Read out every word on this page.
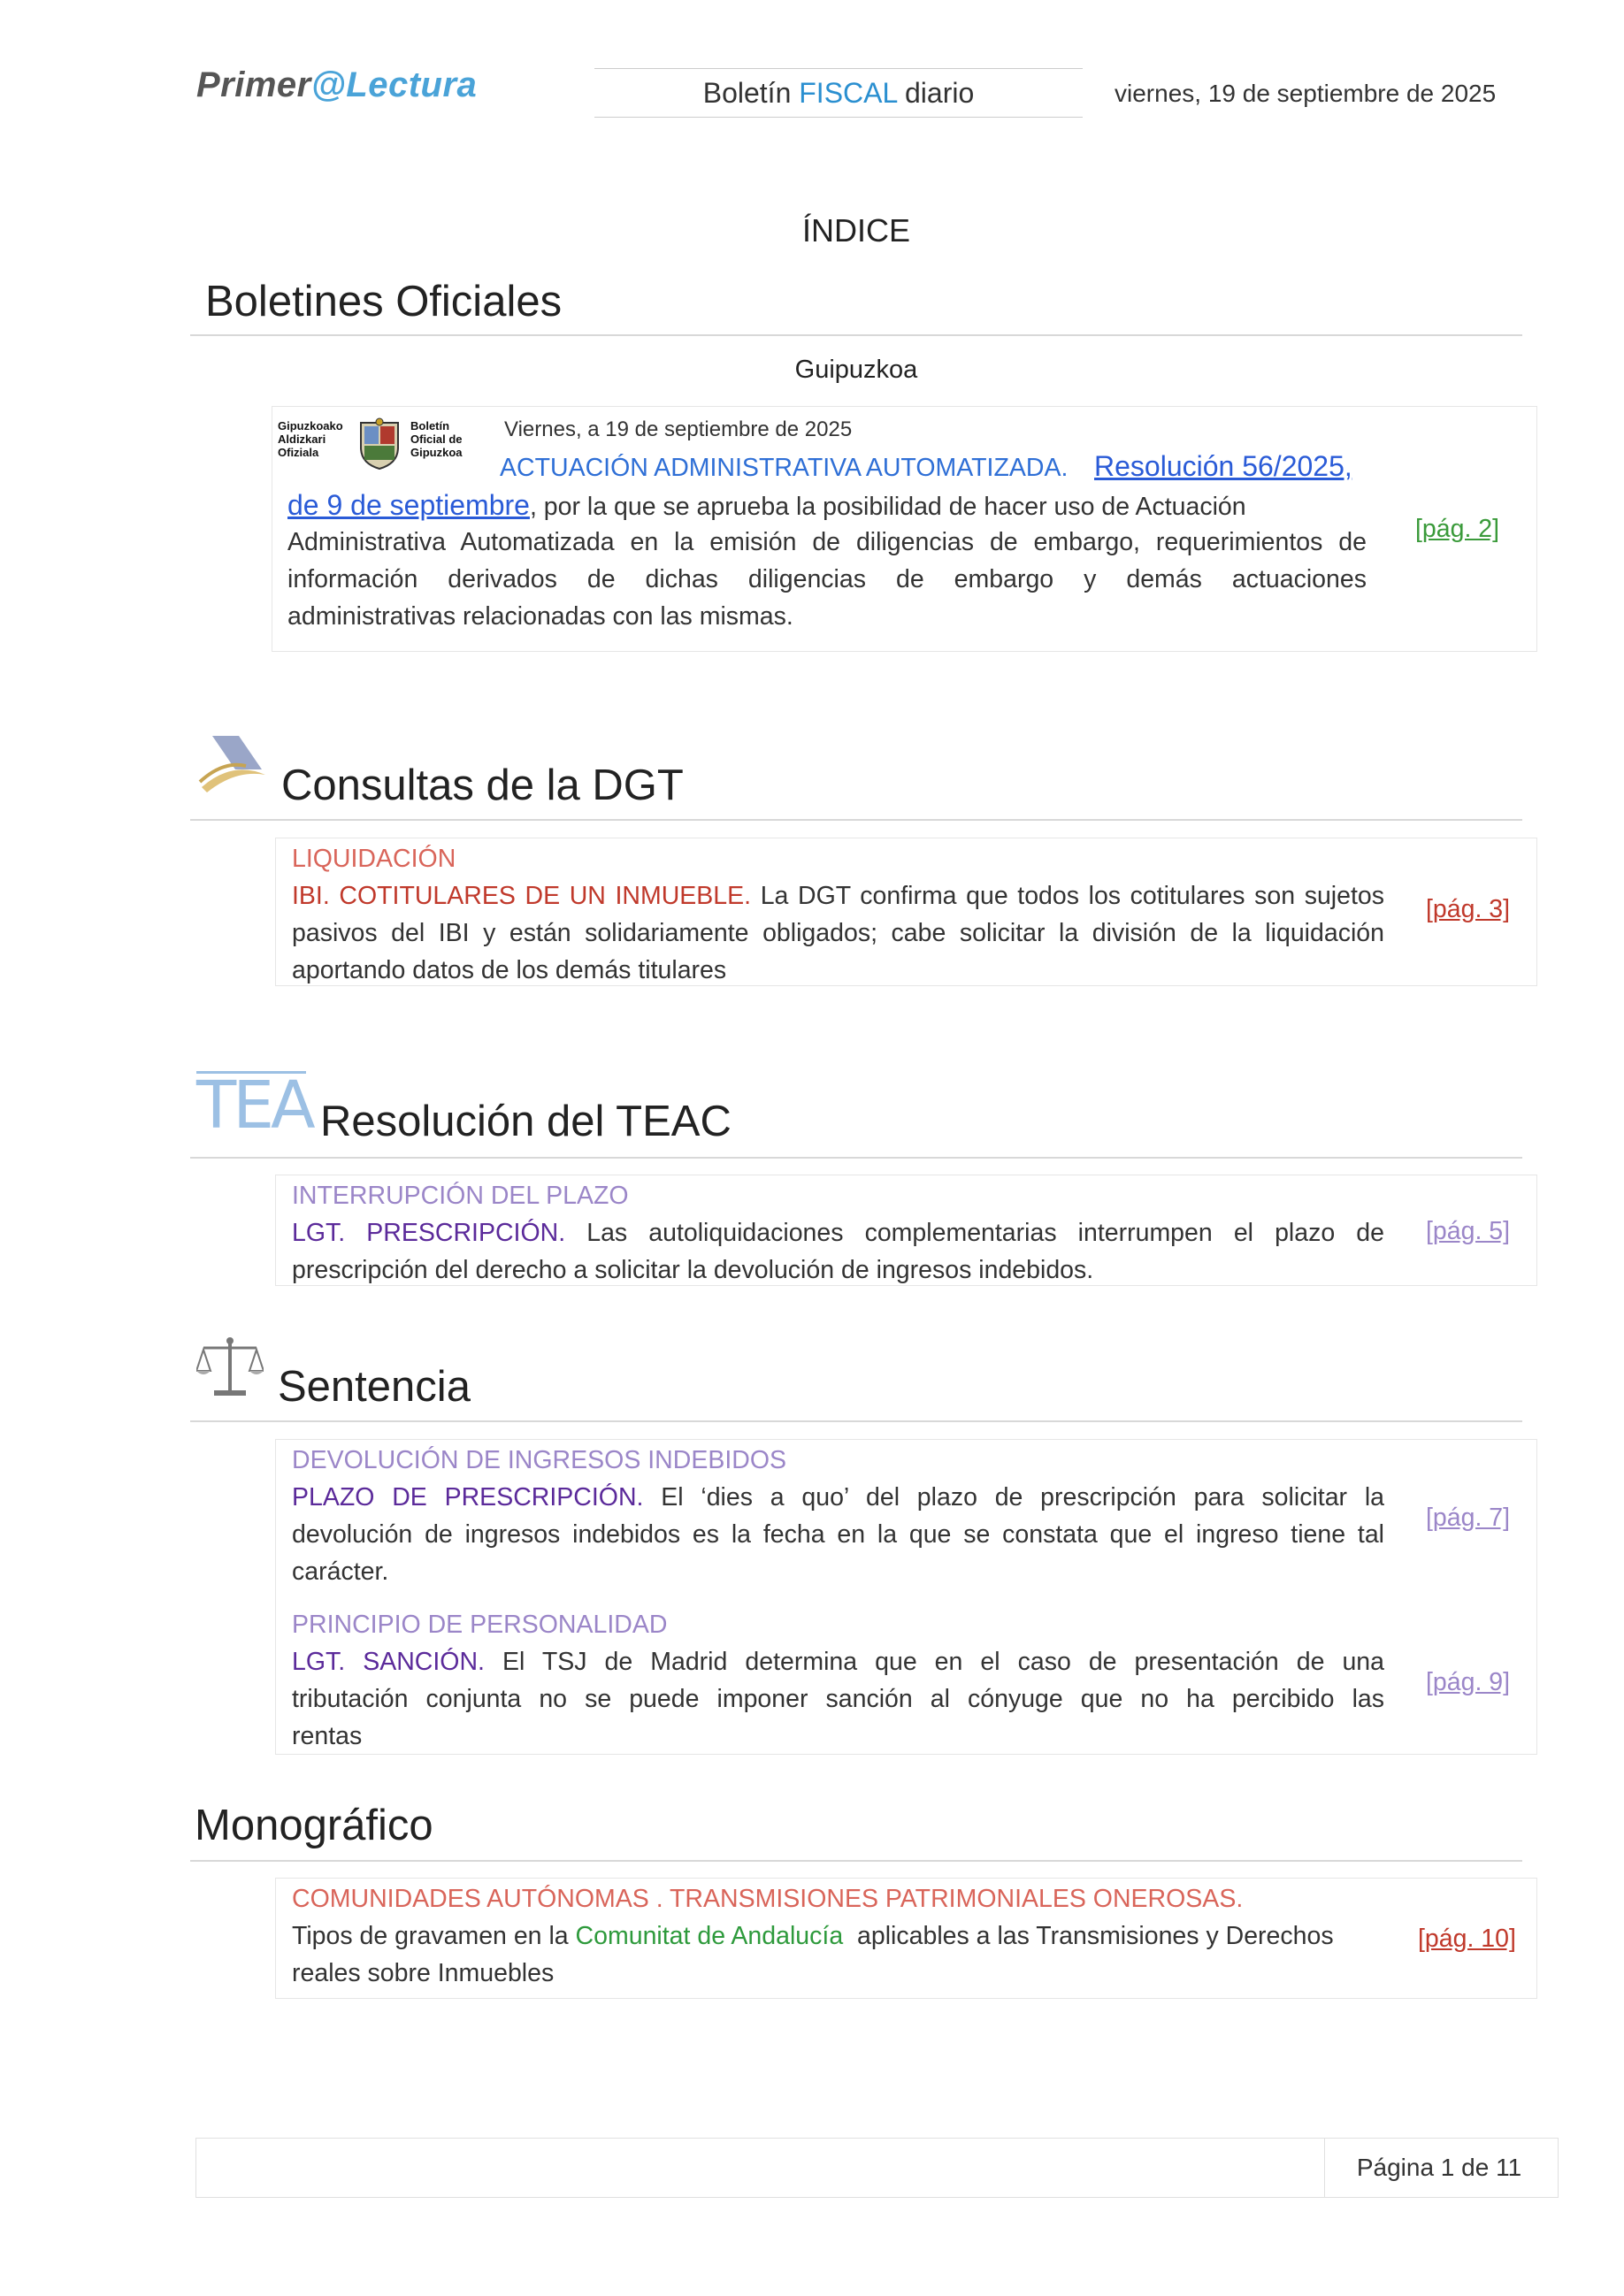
Primer@Lectura	Boletín FISCAL diario	viernes, 19 de septiembre de 2025
ÍNDICE
Boletines Oficiales
Guipuzkoa
Gipuzkoako
Aldizkari
Ofiziala
Boletín
Oficial de
Gipuzkoa
Viernes, a 19 de septiembre de 2025
ACTUACIÓN ADMINISTRATIVA AUTOMATIZADA. Resolución 56/2025,
de 9 de septiembre, por la que se aprueba la posibilidad de hacer uso de Actuación
Administrativa Automatizada en la emisión de diligencias de embargo, requerimientos de
información derivados de dichas diligencias de embargo y demás actuaciones
administrativas relacionadas con las mismas.
[pág. 2]
Consultas de la DGT
LIQUIDACIÓN
IBI. COTITULARES DE UN INMUEBLE. La DGT confirma que todos los cotitulares son sujetos
pasivos del IBI y están solidariamente obligados; cabe solicitar la división de la liquidación
aportando datos de los demás titulares
[pág. 3]
TEA Resolución del TEAC
INTERRUPCIÓN DEL PLAZO
LGT. PRESCRIPCIÓN. Las autoliquidaciones complementarias interrumpen el plazo de
prescripción del derecho a solicitar la devolución de ingresos indebidos.
[pág. 5]
Sentencia
DEVOLUCIÓN DE INGRESOS INDEBIDOS
PLAZO DE PRESCRIPCIÓN. El ‘dies a quo’ del plazo de prescripción para solicitar la
devolución de ingresos indebidos es la fecha en la que se constata que el ingreso tiene tal
carácter.
[pág. 7]
PRINCIPIO DE PERSONALIDAD
LGT. SANCIÓN. El TSJ de Madrid determina que en el caso de presentación de una
tributación conjunta no se puede imponer sanción al cónyuge que no ha percibido las
rentas
[pág. 9]
Monográfico
COMUNIDADES AUTÓNOMAS . TRANSMISIONES PATRIMONIALES ONEROSAS.
Tipos de gravamen en la Comunitat de Andalucía  aplicables a las Transmisiones y Derechos
reales sobre Inmuebles
[pág. 10]
Página 1 de 11
